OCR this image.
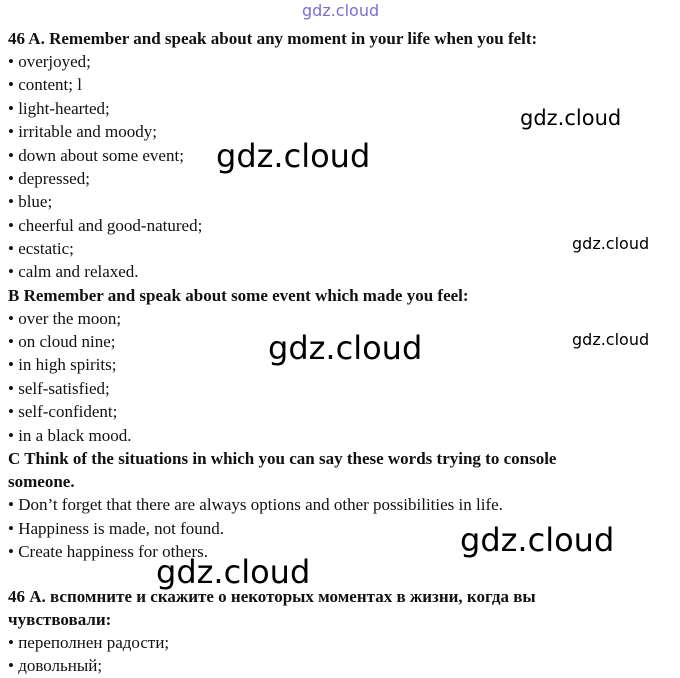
gdz.cloud
gdz.cloud
gdz.cloud
gdz.cloud
gdz.cloud
gdz.cloud
gdz.cloud
gdz.cloud
46 A. Remember and speak about any moment in your life when you felt:
• overjoyed;
• content; l
• light-hearted;
• irritable and moody;
• down about some event;
• depressed;
• blue;
• cheerful and good-natured;
• ecstatic;
• calm and relaxed.
B Remember and speak about some event which made you feel:
• over the moon;
• on cloud nine;
• in high spirits;
• self-satisfied;
• self-confident;
• in a black mood.
C Think of the situations in which you can say these words trying to console
someone.
• Don’t forget that there are always options and other possibilities in life.
• Happiness is made, not found.
• Create happiness for others.
46 А. вспомните и скажите о некоторых моментах в жизни, когда вы
чувствовали:
• переполнен радости;
• довольный;
